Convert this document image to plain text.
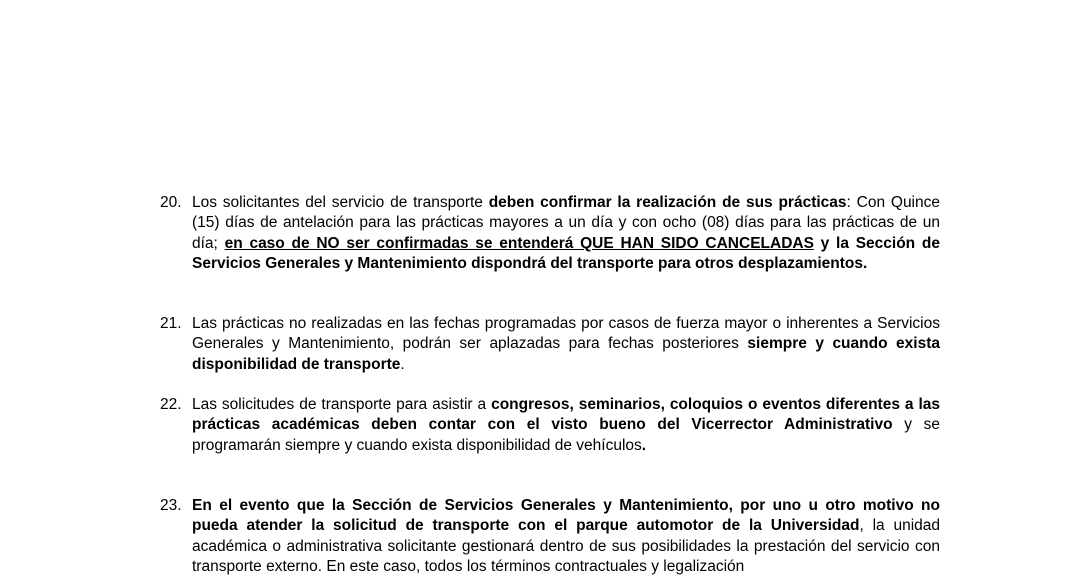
20. Los solicitantes del servicio de transporte deben confirmar la realización de sus prácticas: Con Quince (15) días de antelación para las prácticas mayores a un día y con ocho (08) días para las prácticas de un día; en caso de NO ser confirmadas se entenderá QUE HAN SIDO CANCELADAS y la Sección de Servicios Generales y Mantenimiento dispondrá del transporte para otros desplazamientos.
21. Las prácticas no realizadas en las fechas programadas por casos de fuerza mayor o inherentes a Servicios Generales y Mantenimiento, podrán ser aplazadas para fechas posteriores siempre y cuando exista disponibilidad de transporte.
22. Las solicitudes de transporte para asistir a congresos, seminarios, coloquios o eventos diferentes a las prácticas académicas deben contar con el visto bueno del Vicerrector Administrativo y se programarán siempre y cuando exista disponibilidad de vehículos.
23. En el evento que la Sección de Servicios Generales y Mantenimiento, por uno u otro motivo no pueda atender la solicitud de transporte con el parque automotor de la Universidad, la unidad académica o administrativa solicitante gestionará dentro de sus posibilidades la prestación del servicio con transporte externo. En este caso, todos los términos contractuales y legalización
